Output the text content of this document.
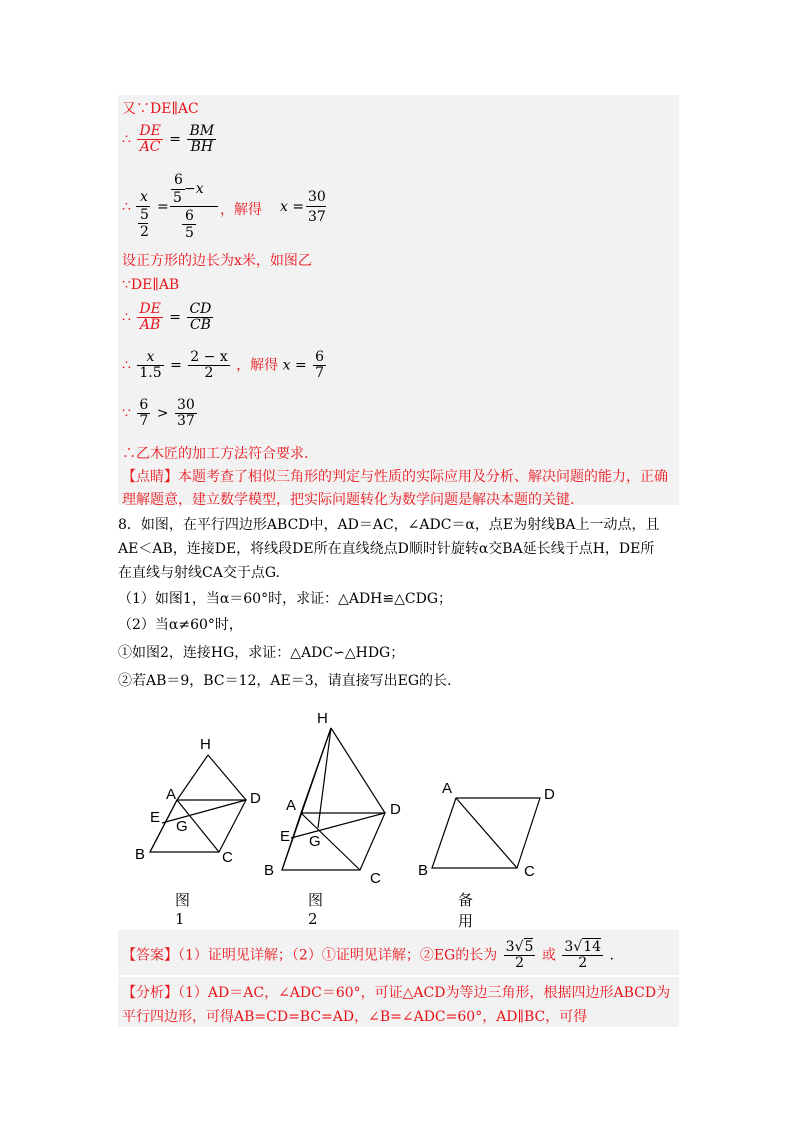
又∵DE∥AC
∴ $\frac{DE}{AC} = \frac{BM}{BH}$
∴
x
5
2
=
6
5
−x
6
5
，解得 x =
30
37
设正方形的边长为x米，如图乙
∵DE∥AB
∴ $\frac{DE}{AB} = \frac{CD}{CB}$
∴ $\frac{x}{1.5} = \frac{2 - x}{2}$ ，解得 $x = \frac{6}{7}$
∵ $\frac{6}{7} > \frac{30}{37}$
∴乙木匠的加工方法符合要求.
【点睛】本题考查了相似三角形的判定与性质的实际应用及分析、解决问题的能力，正确
理解题意，建立数学模型，把实际问题转化为数学问题是解决本题的关键.
8．如图，在平行四边形ABCD中，AD＝AC，∠ADC＝α，点E为射线BA上一动点，且
AE＜AB，连接DE，将线段DE所在直线绕点D顺时针旋转α交BA延长线于点H，DE所
在直线与射线CA交于点G.
（1）如图1，当α＝60°时，求证：△ADH≌△CDG；
（2）当α≠60°时，
①如图2，连接HG，求证：△ADC∽△HDG；
②若AB＝9，BC＝12，AE＝3，请直接写出EG的长.
H
A	D
E
G
B	C
图1
H
A	D
E G
B	C
图2
A	D
B	C
备用
【答案】（1）证明见详解；（2）①证明见详解；②EG的长为 $\frac{3√5}{2}$ 或 $\frac{3√14}{2}$ .
【分析】（1）AD＝AC，∠ADC＝60°，可证△ACD为等边三角形，根据四边形ABCD为
平行四边形，可得AB=CD=BC=AD，∠B=∠ADC=60°，AD∥BC，可得
